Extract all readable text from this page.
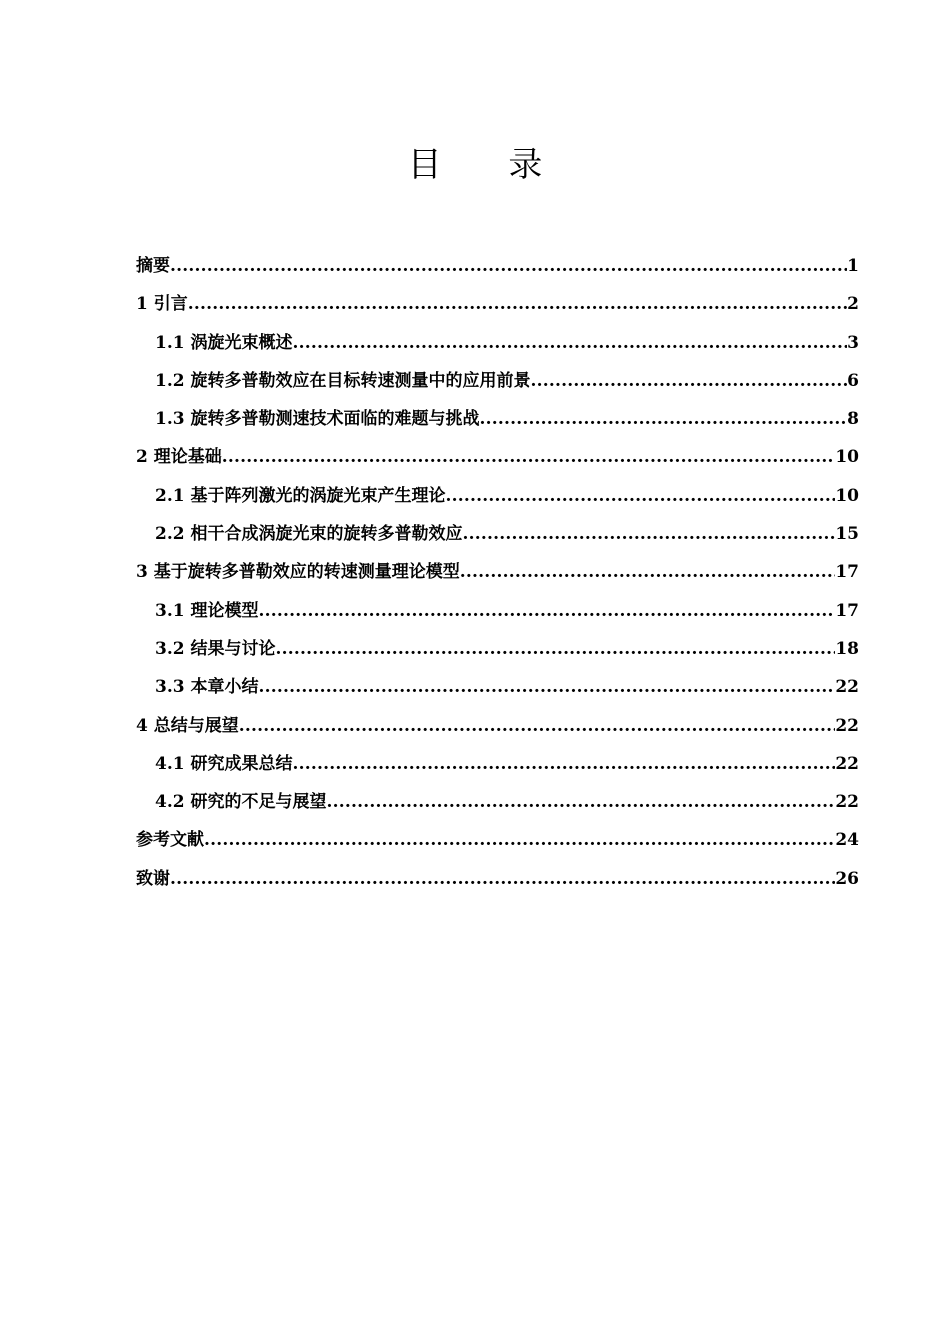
目 录
摘要 .....	1
1 引言 .....	2
1.1 涡旋光束概述 .....	3
1.2 旋转多普勒效应在目标转速测量中的应用前景 .....	6
1.3 旋转多普勒测速技术面临的难题与挑战 .....	8
2 理论基础 .....	10
2.1 基于阵列激光的涡旋光束产生理论 .....	10
2.2 相干合成涡旋光束的旋转多普勒效应 .....	15
3 基于旋转多普勒效应的转速测量理论模型 .....	17
3.1 理论模型 .....	17
3.2 结果与讨论 .....	18
3.3 本章小结 .....	22
4 总结与展望 .....	22
4.1 研究成果总结 .....	22
4.2 研究的不足与展望 .....	22
参考文献 .....	24
致谢 .....	26
